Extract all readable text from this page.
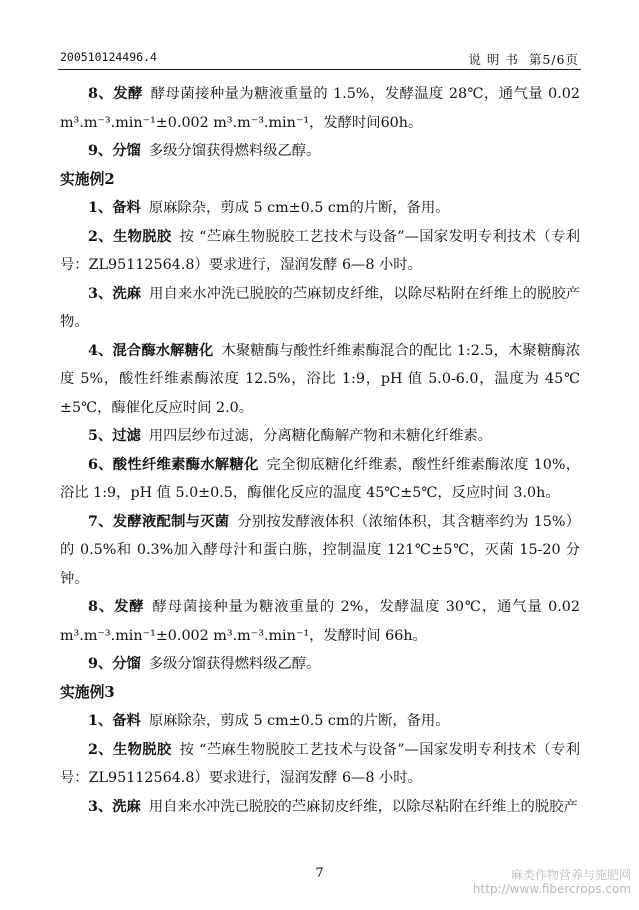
200510124496.4	说 明 书 第5/6页

8、发酵 酵母菌接种量为糖液重量的 1.5%，发酵温度 28℃，通气量 0.02 m³.m⁻³.min⁻¹±0.002 m³.m⁻³.min⁻¹，发酵时间60h。

9、分馏 多级分馏获得燃料级乙醇。

实施例2

1、备料 原麻除杂，剪成 5 cm±0.5 cm的片断，备用。

2、生物脱胶 按 “苎麻生物脱胶工艺技术与设备”—国家发明专利技术（专利号：ZL95112564.8）要求进行，湿润发酵 6—8 小时。

3、洗麻 用自来水冲洗已脱胶的苎麻韧皮纤维，以除尽粘附在纤维上的脱胶产物。

4、混合酶水解糖化 木聚糖酶与酸性纤维素酶混合的配比 1:2.5，木聚糖酶浓度 5%，酸性纤维素酶浓度 12.5%，浴比 1:9，pH 值 5.0-6.0，温度为 45℃±5℃，酶催化反应时间 2.0。

5、过滤 用四层纱布过滤，分离糖化酶解产物和未糖化纤维素。

6、酸性纤维素酶水解糖化 完全彻底糖化纤维素，酸性纤维素酶浓度 10%，浴比 1:9，pH 值 5.0±0.5，酶催化反应的温度 45℃±5℃，反应时间 3.0h。

7、发酵液配制与灭菌 分别按发酵液体积（浓缩体积，其含糖率约为 15%）的 0.5%和 0.3%加入酵母汁和蛋白胨，控制温度 121℃±5℃，灭菌 15-20 分钟。

8、发酵 酵母菌接种量为糖液重量的 2%，发酵温度 30℃，通气量 0.02 m³.m⁻³.min⁻¹±0.002 m³.m⁻³.min⁻¹，发酵时间 66h。

9、分馏 多级分馏获得燃料级乙醇。

实施例3

1、备料 原麻除杂，剪成 5 cm±0.5 cm的片断，备用。

2、生物脱胶 按 “苎麻生物脱胶工艺技术与设备”—国家发明专利技术（专利号：ZL95112564.8）要求进行，湿润发酵 6—8 小时。

3、洗麻 用自来水冲洗已脱胶的苎麻韧皮纤维，以除尽粘附在纤维上的脱胶产

7	麻类作物营养与施肥网
http://www.fibercrops.com
